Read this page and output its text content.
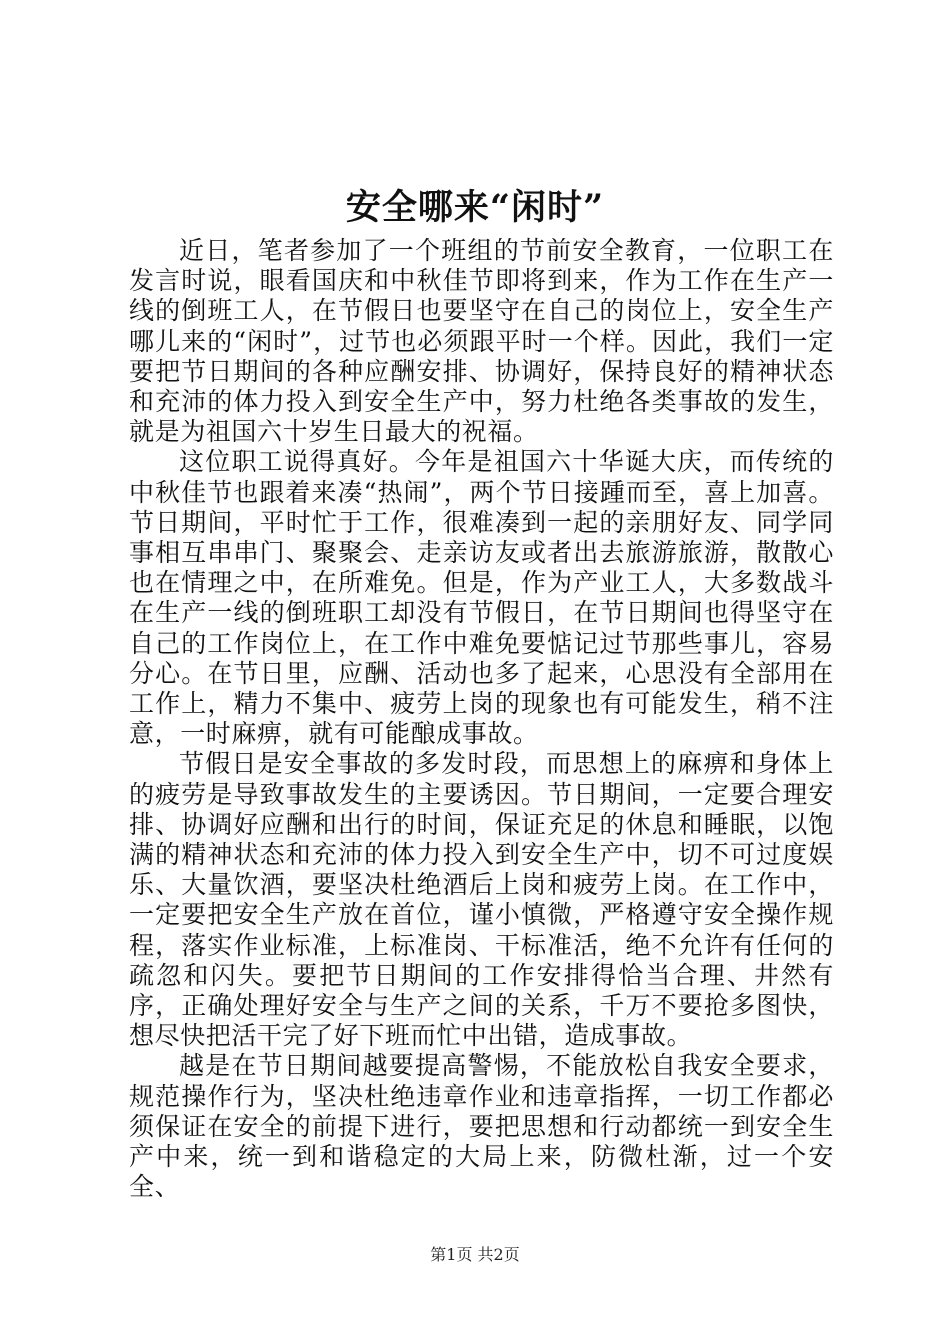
安全哪来“闲时”

近日，笔者参加了一个班组的节前安全教育，一位职工在发言时说，眼看国庆和中秋佳节即将到来，作为工作在生产一线的倒班工人，在节假日也要坚守在自己的岗位上，安全生产哪儿来的“闲时”，过节也必须跟平时一个样。因此，我们一定要把节日期间的各种应酬安排、协调好，保持良好的精神状态和充沛的体力投入到安全生产中，努力杜绝各类事故的发生，就是为祖国六十岁生日最大的祝福。

这位职工说得真好。今年是祖国六十华诞大庆，而传统的中秋佳节也跟着来凑“热闹”，两个节日接踵而至，喜上加喜。节日期间，平时忙于工作，很难凑到一起的亲朋好友、同学同事相互串串门、聚聚会、走亲访友或者出去旅游旅游，散散心也在情理之中，在所难免。但是，作为产业工人，大多数战斗在生产一线的倒班职工却没有节假日，在节日期间也得坚守在自己的工作岗位上，在工作中难免要惦记过节那些事儿，容易分心。在节日里，应酬、活动也多了起来，心思没有全部用在工作上，精力不集中、疲劳上岗的现象也有可能发生，稍不注意，一时麻痹，就有可能酿成事故。

节假日是安全事故的多发时段，而思想上的麻痹和身体上的疲劳是导致事故发生的主要诱因。节日期间，一定要合理安排、协调好应酬和出行的时间，保证充足的休息和睡眠，以饱满的精神状态和充沛的体力投入到安全生产中，切不可过度娱乐、大量饮酒，要坚决杜绝酒后上岗和疲劳上岗。在工作中，一定要把安全生产放在首位，谨小慎微，严格遵守安全操作规程，落实作业标准，上标准岗、干标准活，绝不允许有任何的疏忽和闪失。要把节日期间的工作安排得恰当合理、井然有序，正确处理好安全与生产之间的关系，千万不要抢多图快，想尽快把活干完了好下班而忙中出错，造成事故。

越是在节日期间越要提高警惕，不能放松自我安全要求，规范操作行为，坚决杜绝违章作业和违章指挥，一切工作都必须保证在安全的前提下进行，要把思想和行动都统一到安全生产中来，统一到和谐稳定的大局上来，防微杜渐，过一个安全、

第1页 共2页
